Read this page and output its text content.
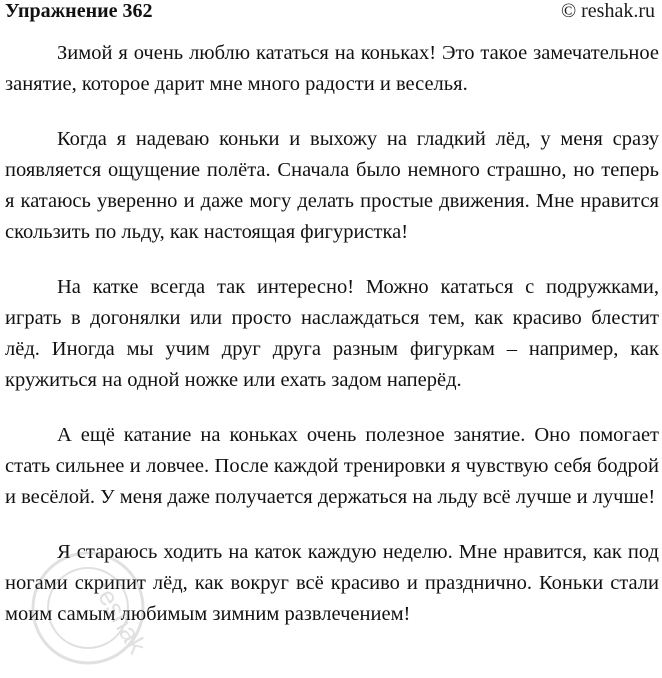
Упражнение 362	© reshak.ru

Зимой я очень люблю кататься на коньках! Это такое замечательное занятие, которое дарит мне много радости и веселья.

Когда я надеваю коньки и выхожу на гладкий лёд, у меня сразу появляется ощущение полёта. Сначала было немного страшно, но теперь я катаюсь уверенно и даже могу делать простые движения. Мне нравится скользить по льду, как настоящая фигуристка!

На катке всегда так интересно! Можно кататься с подружками, играть в догонялки или просто наслаждаться тем, как красиво блестит лёд. Иногда мы учим друг друга разным фигуркам – например, как кружиться на одной ножке или ехать задом наперёд.

А ещё катание на коньках очень полезное занятие. Оно помогает стать сильнее и ловчее. После каждой тренировки я чувствую себя бодрой и весёлой. У меня даже получается держаться на льду всё лучше и лучше!

Я стараюсь ходить на каток каждую неделю. Мне нравится, как под ногами скрипит лёд, как вокруг всё красиво и празднично. Коньки стали моим самым любимым зимним развлечением!

reshak
